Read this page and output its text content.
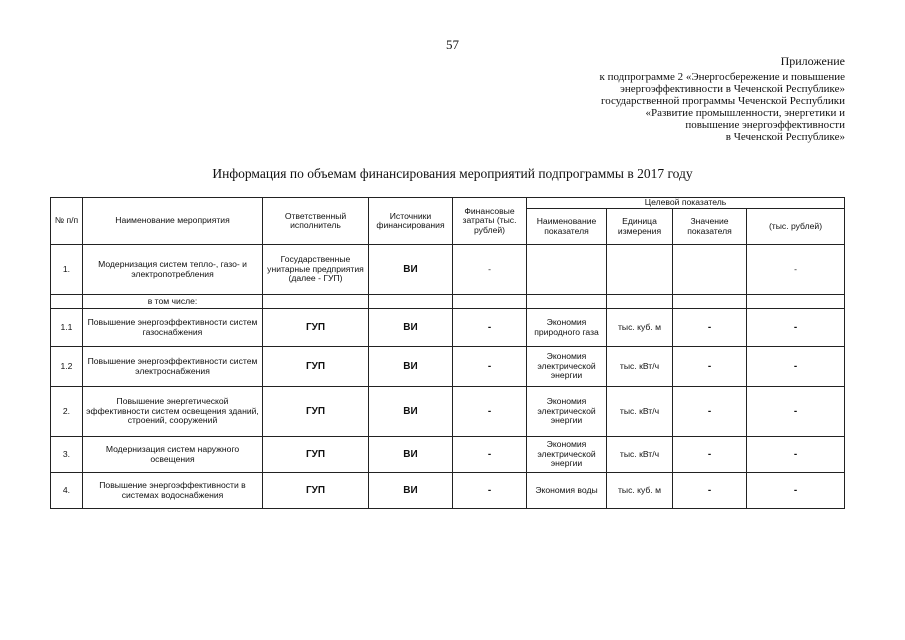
57
Приложение
к подпрограмме 2 «Энергосбережение и повышение
энергоэффективности в Чеченской Республике»
государственной программы Чеченской Республики
«Развитие промышленности, энергетики и
повышение энергоэффективности
в Чеченской Республике»
Информация по объемам финансирования мероприятий подпрограммы в 2017 году
№ п/п	Наименование мероприятия	Ответственный исполнитель	Источники финансирования	Финансовые затраты (тыс. рублей)	Целевой показатель			
					Наименование показателя	Единица измерения	Значение показателя	(тыс. рублей)
1.	Модернизация систем тепло-, газо- и электропотребления	Государственные унитарные предприятия (далее - ГУП)	ВИ	-				-
	в том числе:							
1.1	Повышение энергоэффективности систем газоснабжения	ГУП	ВИ	-	Экономия природного газа	тыс. куб. м	-	-
1.2	Повышение энергоэффективности систем электроснабжения	ГУП	ВИ	-	Экономия электрической энергии	тыс. кВт/ч	-	-
2.	Повышение энергетической эффективности систем освещения зданий, строений, сооружений	ГУП	ВИ	-	Экономия электрической энергии	тыс. кВт/ч	-	-
3.	Модернизация систем наружного освещения	ГУП	ВИ	-	Экономия электрической энергии	тыс. кВт/ч	-	-
4.	Повышение энергоэффективности в системах водоснабжения	ГУП	ВИ	-	Экономия воды	тыс. куб. м	-	-
